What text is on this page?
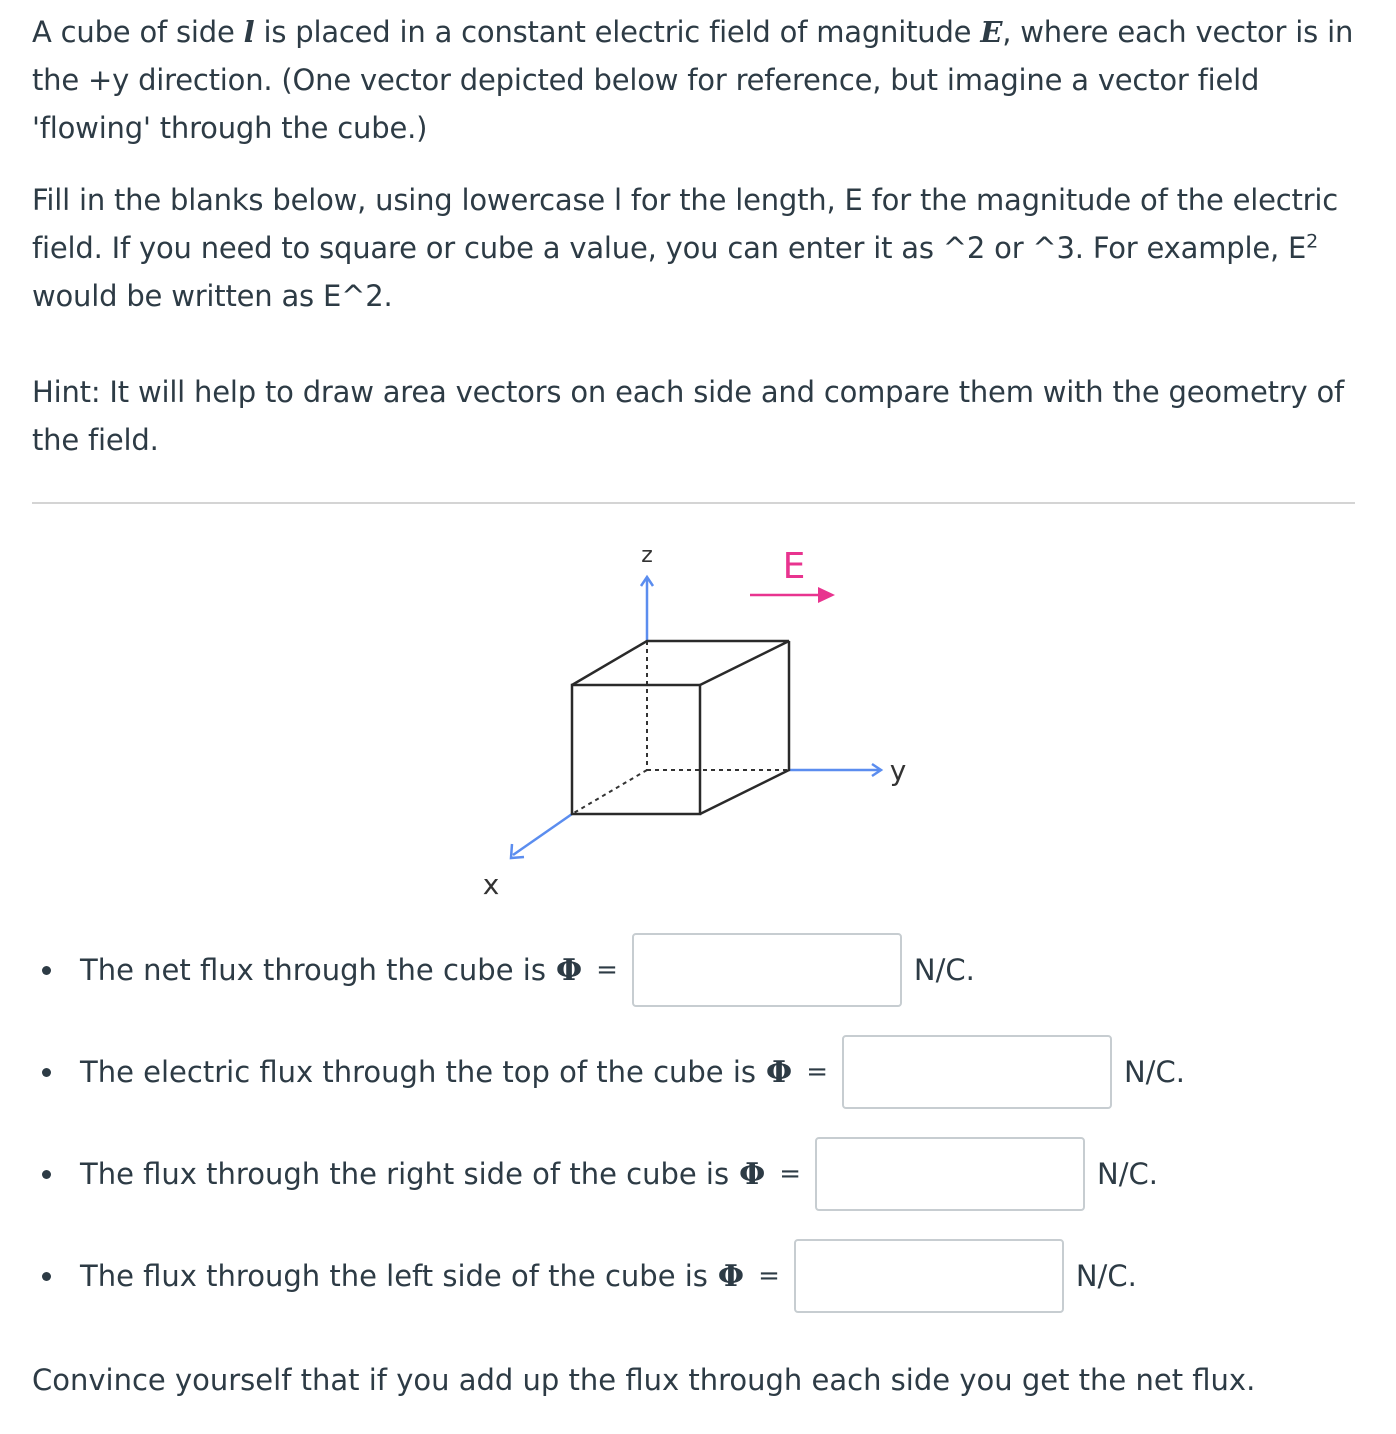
A cube of side l is placed in a constant electric field of magnitude E, where each vector is in the +y direction. (One vector depicted below for reference, but imagine a vector field 'flowing' through the cube.)

Fill in the blanks below, using lowercase l for the length, E for the magnitude of the electric field. If you need to square or cube a value, you can enter it as ^2 or ^3. For example, $E^2$ would be written as E^2.

Hint: It will help to draw area vectors on each side and compare them with the geometry of the field.

E
z
y
x
The net flux through the cube is Φ =	N/C.
The electric flux through the top of the cube is Φ =	N/C.
The flux through the right side of the cube is Φ =	N/C.
The flux through the left side of the cube is Φ =	N/C.

Convince yourself that if you add up the flux through each side you get the net flux.
